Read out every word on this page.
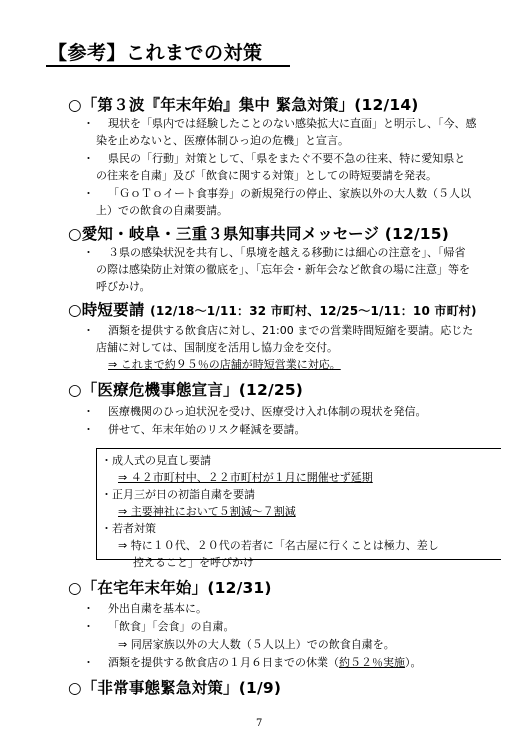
【参考】これまでの対策
○「第３波『年末年始』集中 緊急対策」(12/14)
・ 現状を「県内では経験したことのない感染拡大に直面」と明示し、「今、感
染を止めないと、医療体制ひっ迫の危機」と宣言。
・ 県民の「行動」対策として、「県をまたぐ不要不急の往来、特に愛知県と
の往来を自粛」及び「飲食に関する対策」としての時短要請を発表。
・ 「ＧｏＴｏイート食事券」の新規発行の停止、家族以外の大人数（５人以
上）での飲食の自粛要請。
○愛知・岐阜・三重３県知事共同メッセージ (12/15)
・ ３県の感染状況を共有し、「県境を越える移動には細心の注意を」、「帰省
の際は感染防止対策の徹底を」、「忘年会・新年会など飲食の場に注意」等を
呼びかけ。
○時短要請 (12/18〜1/11：32 市町村、12/25〜1/11：10 市町村)
・ 酒類を提供する飲食店に対し、21:00 までの営業時間短縮を要請。応じた
店舗に対しては、国制度を活用し協力金を交付。
⇒ これまで約９５％の店舗が時短営業に対応。
○「医療危機事態宣言」(12/25)
・ 医療機関のひっ迫状況を受け、医療受け入れ体制の現状を発信。
・ 併せて、年末年始のリスク軽減を要請。
・成人式の見直し要請
⇒ ４２市町村中、２２市町村が１月に開催せず延期
・正月三が日の初詣自粛を要請
⇒ 主要神社において５割減〜７割減
・若者対策
⇒ 特に１０代、２０代の若者に「名古屋に行くことは極力、差し
控えること」を呼びかけ
○「在宅年末年始」(12/31)
・ 外出自粛を基本に。
・ 「飲食」「会食」の自粛。
⇒ 同居家族以外の大人数（５人以上）での飲食自粛を。
・ 酒類を提供する飲食店の１月６日までの休業（約５２％実施）。
○「非常事態緊急対策」(1/9)
7
